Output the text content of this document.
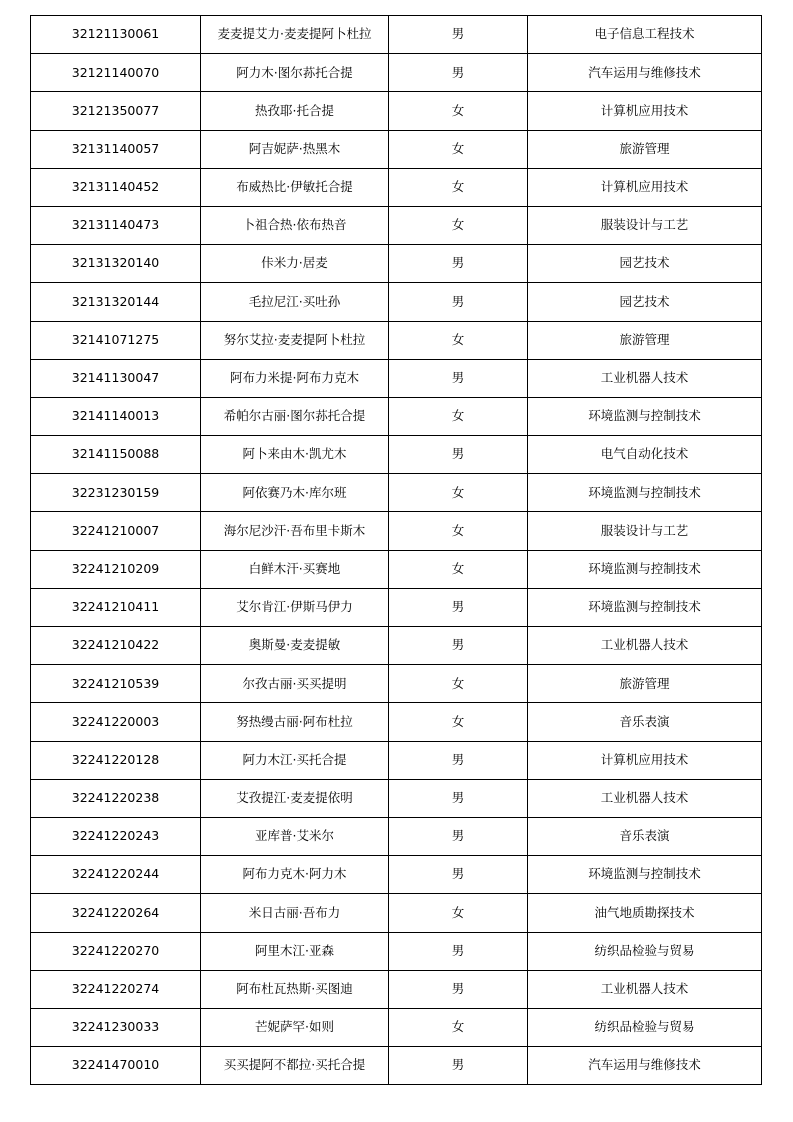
32121130061	麦麦提艾力·麦麦提阿卜杜拉	男	电子信息工程技术
32121140070	阿力木·图尔荪托合提	男	汽车运用与维修技术
32121350077	热孜耶·托合提	女	计算机应用技术
32131140057	阿吉妮萨·热黑木	女	旅游管理
32131140452	布威热比·伊敏托合提	女	计算机应用技术
32131140473	卜祖合热·依布热音	女	服装设计与工艺
32131320140	佧米力·居麦	男	园艺技术
32131320144	毛拉尼江·买吐孙	男	园艺技术
32141071275	努尔艾拉·麦麦提阿卜杜拉	女	旅游管理
32141130047	阿布力米提·阿布力克木	男	工业机器人技术
32141140013	希帕尔古丽·图尔荪托合提	女	环境监测与控制技术
32141150088	阿卜来由木·凯尤木	男	电气自动化技术
32231230159	阿依赛乃木·库尔班	女	环境监测与控制技术
32241210007	海尔尼沙汗·吾布里卡斯木	女	服装设计与工艺
32241210209	白鲜木汗·买赛地	女	环境监测与控制技术
32241210411	艾尔肯江·伊斯马伊力	男	环境监测与控制技术
32241210422	奥斯曼·麦麦提敏	男	工业机器人技术
32241210539	尔孜古丽·买买提明	女	旅游管理
32241220003	努热缦古丽·阿布杜拉	女	音乐表演
32241220128	阿力木江·买托合提	男	计算机应用技术
32241220238	艾孜提江·麦麦提依明	男	工业机器人技术
32241220243	亚库普·艾米尔	男	音乐表演
32241220244	阿布力克木·阿力木	男	环境监测与控制技术
32241220264	米日古丽·吾布力	女	油气地质勘探技术
32241220270	阿里木江·亚森	男	纺织品检验与贸易
32241220274	阿布杜瓦热斯·买图迪	男	工业机器人技术
32241230033	芒妮萨罕·如则	女	纺织品检验与贸易
32241470010	买买提阿不都拉·买托合提	男	汽车运用与维修技术
